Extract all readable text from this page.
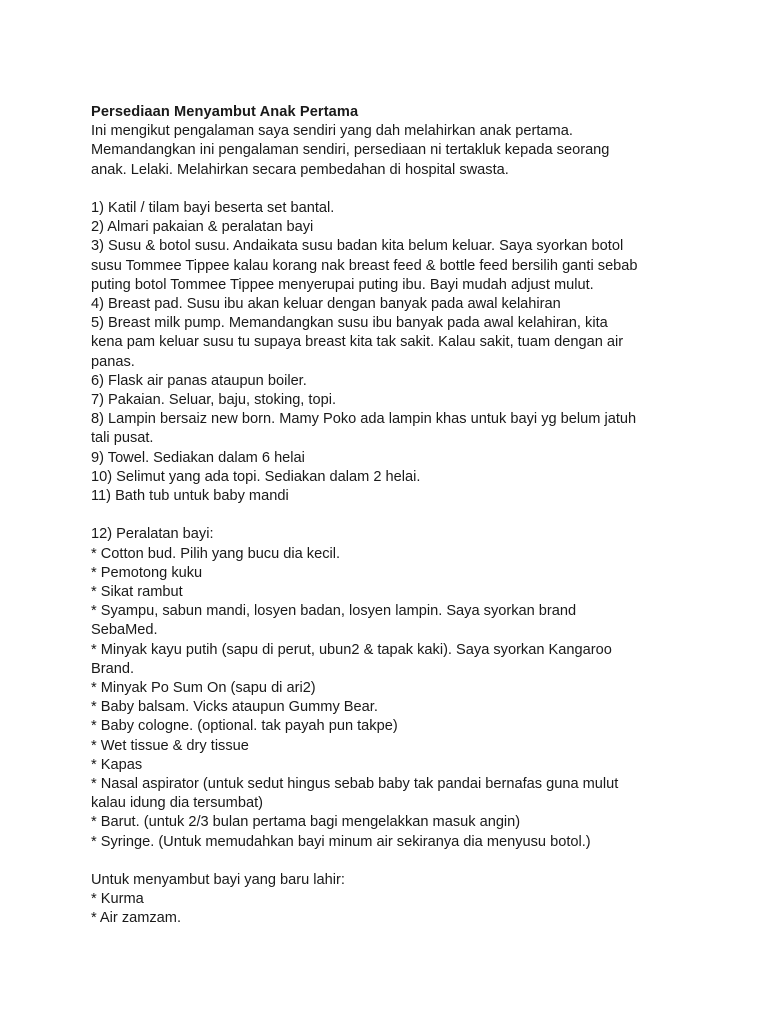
Persediaan Menyambut Anak Pertama

Ini mengikut pengalaman saya sendiri yang dah melahirkan anak pertama.

Memandangkan ini pengalaman sendiri, persediaan ni tertakluk kepada seorang

anak. Lelaki. Melahirkan secara pembedahan di hospital swasta.

1) Katil / tilam bayi beserta set bantal.

2) Almari pakaian & peralatan bayi

3) Susu & botol susu. Andaikata susu badan kita belum keluar. Saya syorkan botol

susu Tommee Tippee kalau korang nak breast feed & bottle feed bersilih ganti sebab

puting botol Tommee Tippee menyerupai puting ibu. Bayi mudah adjust mulut.

4) Breast pad. Susu ibu akan keluar dengan banyak pada awal kelahiran

5) Breast milk pump. Memandangkan susu ibu banyak pada awal kelahiran, kita

kena pam keluar susu tu supaya breast kita tak sakit. Kalau sakit, tuam dengan air

panas.

6) Flask air panas ataupun boiler.

7) Pakaian. Seluar, baju, stoking, topi.

8) Lampin bersaiz new born. Mamy Poko ada lampin khas untuk bayi yg belum jatuh

tali pusat.

9) Towel. Sediakan dalam 6 helai

10) Selimut yang ada topi. Sediakan dalam 2 helai.

11) Bath tub untuk baby mandi

12) Peralatan bayi:

* Cotton bud. Pilih yang bucu dia kecil.

* Pemotong kuku

* Sikat rambut

* Syampu, sabun mandi, losyen badan, losyen lampin. Saya syorkan brand

SebaMed.

* Minyak kayu putih (sapu di perut, ubun2 & tapak kaki). Saya syorkan Kangaroo

Brand.

* Minyak Po Sum On (sapu di ari2)

* Baby balsam. Vicks ataupun Gummy Bear.

* Baby cologne. (optional. tak payah pun takpe)

* Wet tissue & dry tissue

* Kapas

* Nasal aspirator (untuk sedut hingus sebab baby tak pandai bernafas guna mulut

kalau idung dia tersumbat)

* Barut. (untuk 2/3 bulan pertama bagi mengelakkan masuk angin)

* Syringe. (Untuk memudahkan bayi minum air sekiranya dia menyusu botol.)

Untuk menyambut bayi yang baru lahir:

* Kurma

* Air zamzam.
